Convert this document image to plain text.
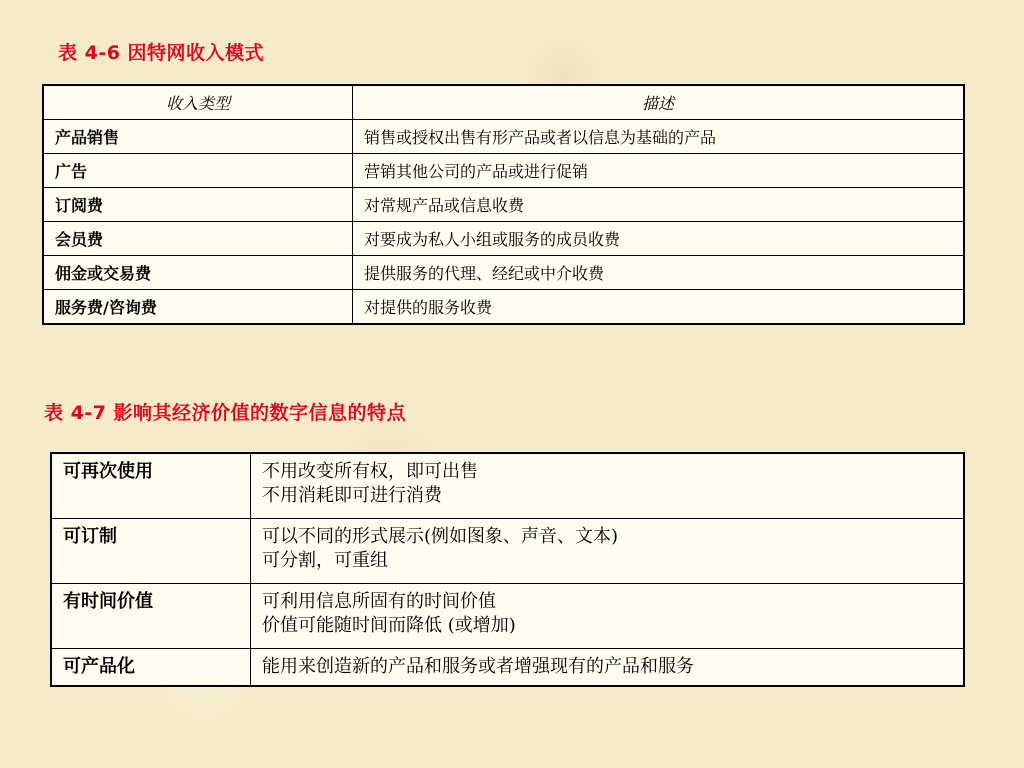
表 4-6 因特网收入模式
收入类型	描述
产品销售	销售或授权出售有形产品或者以信息为基础的产品
广告	营销其他公司的产品或进行促销
订阅费	对常规产品或信息收费
会员费	对要成为私人小组或服务的成员收费
佣金或交易费	提供服务的代理、经纪或中介收费
服务费/咨询费	对提供的服务收费
表 4-7 影响其经济价值的数字信息的特点
可再次使用	不用改变所有权，即可出售
不用消耗即可进行消费

可订制	可以不同的形式展示(例如图象、声音、文本)
可分割，可重组

有时间价值	可利用信息所固有的时间价值
价值可能随时间而降低 (或增加)

可产品化	能用来创造新的产品和服务或者增强现有的产品和服务
